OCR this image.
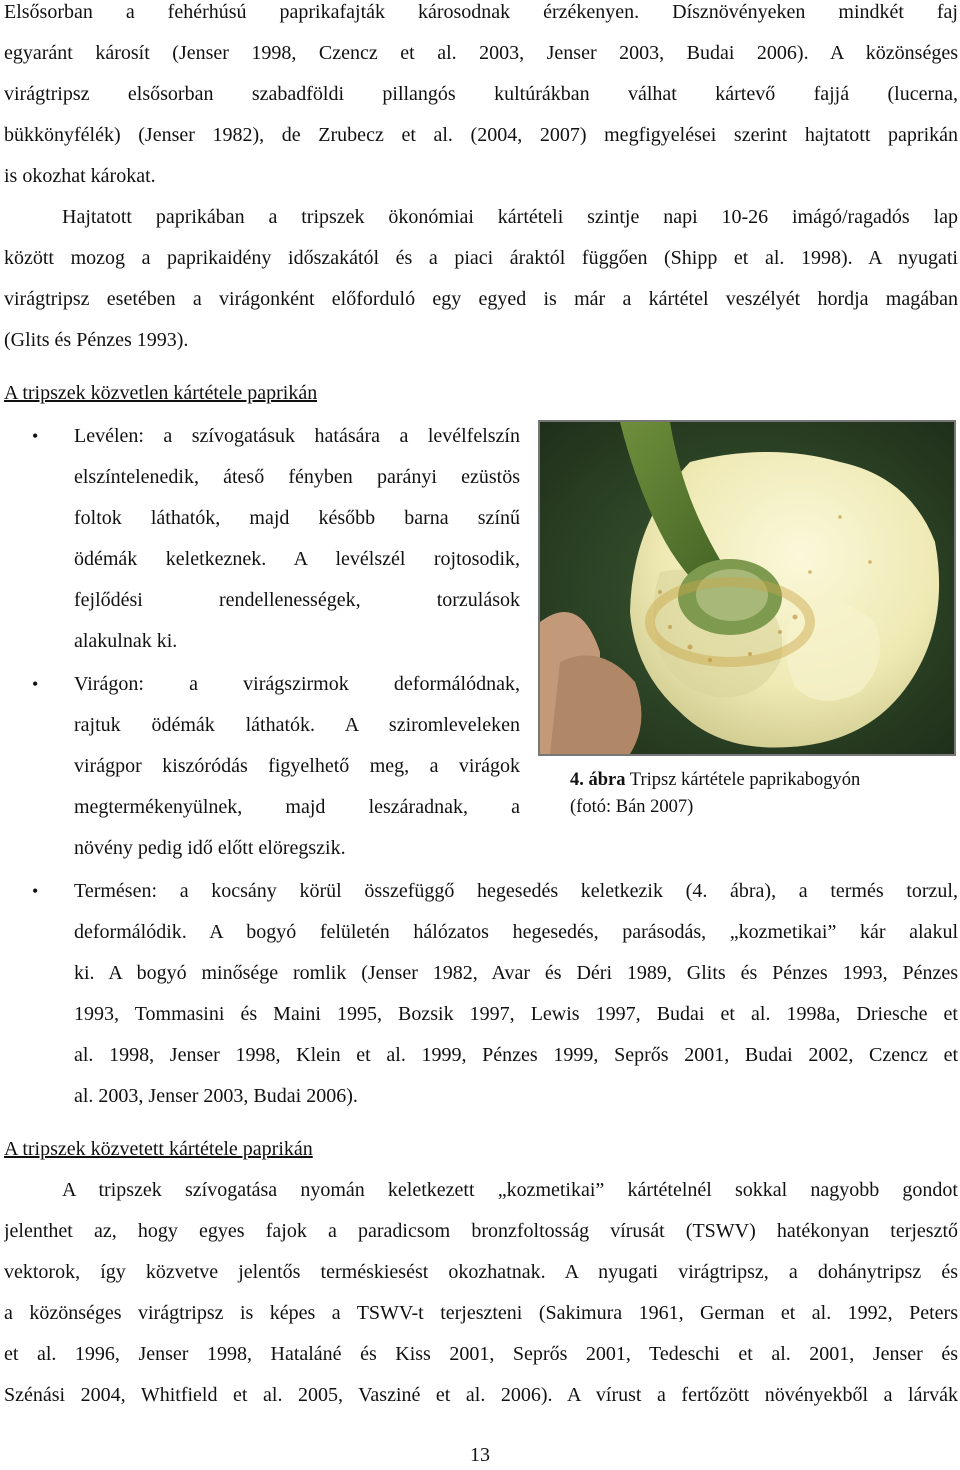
Elsősorban a fehérhúsú paprikafajták károsodnak érzékenyen. Dísznövényeken mindkét faj
egyaránt károsít (Jenser 1998, Czencz et al. 2003, Jenser 2003, Budai 2006). A közönséges
virágtripsz elsősorban szabadföldi pillangós kultúrákban válhat kártevő fajjá (lucerna,
bükkönyfélék) (Jenser 1982), de Zrubecz et al. (2004, 2007) megfigyelései szerint hajtatott paprikán
is okozhat károkat.
Hajtatott paprikában a tripszek ökonómiai kártételi szintje napi 10-26 imágó/ragadós lap
között mozog a paprikaidény időszakától és a piaci áraktól függően (Shipp et al. 1998). A nyugati
virágtripsz esetében a virágonként előforduló egy egyed is már a kártétel veszélyét hordja magában
(Glits és Pénzes 1993).
A tripszek közvetlen kártétele paprikán
• Levélen: a szívogatásuk hatására a levélfelszín
elszíntelenedik, áteső fényben parányi ezüstös
foltok láthatók, majd később barna színű
ödémák keletkeznek. A levélszél rojtosodik,
fejlődési rendellenességek, torzulások
alakulnak ki.
• Virágon: a virágszirmok deformálódnak,
rajtuk ödémák láthatók. A sziromleveleken
virágpor kiszóródás figyelhető meg, a virágok
megtermékenyülnek, majd leszáradnak, a
növény pedig idő előtt elöregszik.
4. ábra Tripsz kártétele paprikabogyón
(fotó: Bán 2007)
• Termésen: a kocsány körül összefüggő hegesedés keletkezik (4. ábra), a termés torzul,
deformálódik. A bogyó felületén hálózatos hegesedés, parásodás, „kozmetikai” kár alakul
ki. A bogyó minősége romlik (Jenser 1982, Avar és Déri 1989, Glits és Pénzes 1993, Pénzes
1993, Tommasini és Maini 1995, Bozsik 1997, Lewis 1997, Budai et al. 1998a, Driesche et
al. 1998, Jenser 1998, Klein et al. 1999, Pénzes 1999, Seprős 2001, Budai 2002, Czencz et
al. 2003, Jenser 2003, Budai 2006).
A tripszek közvetett kártétele paprikán
A tripszek szívogatása nyomán keletkezett „kozmetikai” kártételnél sokkal nagyobb gondot
jelenthet az, hogy egyes fajok a paradicsom bronzfoltosság vírusát (TSWV) hatékonyan terjesztő
vektorok, így közvetve jelentős terméskiesést okozhatnak. A nyugati virágtripsz, a dohánytripsz és
a közönséges virágtripsz is képes a TSWV-t terjeszteni (Sakimura 1961, German et al. 1992, Peters
et al. 1996, Jenser 1998, Hataláné és Kiss 2001, Seprős 2001, Tedeschi et al. 2001, Jenser és
Szénási 2004, Whitfield et al. 2005, Vasziné et al. 2006). A vírust a fertőzött növényekből a lárvák
13
